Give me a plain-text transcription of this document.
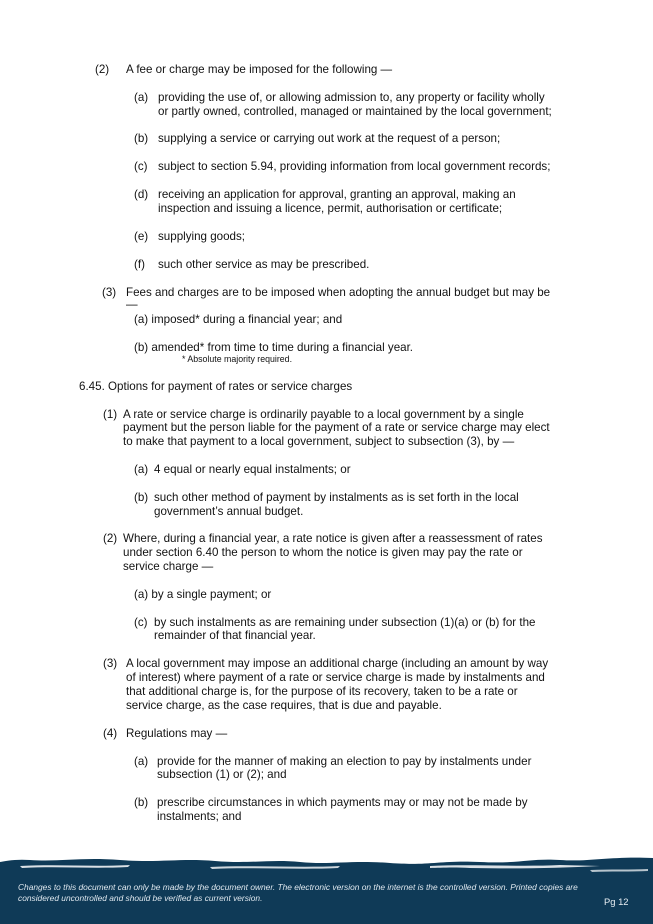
(2) A fee or charge may be imposed for the following —
(a) providing the use of, or allowing admission to, any property or facility wholly
or partly owned, controlled, managed or maintained by the local government;
(b) supplying a service or carrying out work at the request of a person;
(c) subject to section 5.94, providing information from local government records;
(d) receiving an application for approval, granting an approval, making an
inspection and issuing a licence, permit, authorisation or certificate;
(e) supplying goods;
(f) such other service as may be prescribed.
(3) Fees and charges are to be imposed when adopting the annual budget but may be
—
(a) imposed* during a financial year; and
(b) amended* from time to time during a financial year.
* Absolute majority required.
6.45. Options for payment of rates or service charges
(1) A rate or service charge is ordinarily payable to a local government by a single
payment but the person liable for the payment of a rate or service charge may elect
to make that payment to a local government, subject to subsection (3), by —
(a) 4 equal or nearly equal instalments; or
(b) such other method of payment by instalments as is set forth in the local
government’s annual budget.
(2) Where, during a financial year, a rate notice is given after a reassessment of rates
under section 6.40 the person to whom the notice is given may pay the rate or
service charge —
(a) by a single payment; or
(c) by such instalments as are remaining under subsection (1)(a) or (b) for the
remainder of that financial year.
(3) A local government may impose an additional charge (including an amount by way
of interest) where payment of a rate or service charge is made by instalments and
that additional charge is, for the purpose of its recovery, taken to be a rate or
service charge, as the case requires, that is due and payable.
(4) Regulations may —
(a) provide for the manner of making an election to pay by instalments under
subsection (1) or (2); and
(b) prescribe circumstances in which payments may or may not be made by
instalments; and
Changes to this document can only be made by the document owner. The electronic version on the internet is the controlled version. Printed copies are considered uncontrolled and should be verified as current version.	Pg 12
